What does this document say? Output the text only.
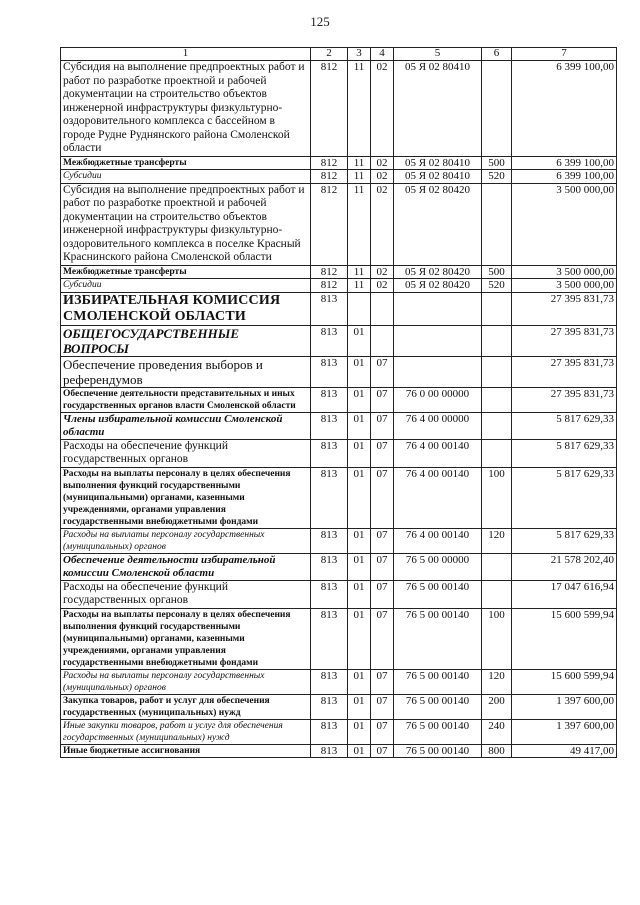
125
1	2	3	4	5	6	7
Субсидия на выполнение предпроектных работ и работ по разработке проектной и рабочей документации на строительство объектов инженерной инфраструктуры физкультурно-оздоровительного комплекса с бассейном в городе Рудне Руднянского района Смоленской области	812	11	02	05 Я 02 80410		6 399 100,00
Межбюджетные трансферты	812	11	02	05 Я 02 80410	500	6 399 100,00
Субсидии	812	11	02	05 Я 02 80410	520	6 399 100,00
Субсидия на выполнение предпроектных работ и работ по разработке проектной и рабочей документации на строительство объектов инженерной инфраструктуры физкультурно-оздоровительного комплекса в поселке Красный Краснинского района Смоленской области	812	11	02	05 Я 02 80420		3 500 000,00
Межбюджетные трансферты	812	11	02	05 Я 02 80420	500	3 500 000,00
Субсидии	812	11	02	05 Я 02 80420	520	3 500 000,00
ИЗБИРАТЕЛЬНАЯ КОМИССИЯ СМОЛЕНСКОЙ ОБЛАСТИ	813					27 395 831,73
ОБЩЕГОСУДАРСТВЕННЫЕ ВОПРОСЫ	813	01				27 395 831,73
Обеспечение проведения выборов и референдумов	813	01	07			27 395 831,73
Обеспечение деятельности представительных и иных государственных органов власти Смоленской области	813	01	07	76 0 00 00000		27 395 831,73
Члены избирательной комиссии Смоленской области	813	01	07	76 4 00 00000		5 817 629,33
Расходы на обеспечение функций государственных органов	813	01	07	76 4 00 00140		5 817 629,33
Расходы на выплаты персоналу в целях обеспечения выполнения функций государственными (муниципальными) органами, казенными учреждениями, органами управления государственными внебюджетными фондами	813	01	07	76 4 00 00140	100	5 817 629,33
Расходы на выплаты персоналу государственных (муниципальных) органов	813	01	07	76 4 00 00140	120	5 817 629,33
Обеспечение деятельности избирательной комиссии Смоленской области	813	01	07	76 5 00 00000		21 578 202,40
Расходы на обеспечение функций государственных органов	813	01	07	76 5 00 00140		17 047 616,94
Расходы на выплаты персоналу в целях обеспечения выполнения функций государственными (муниципальными) органами, казенными учреждениями, органами управления государственными внебюджетными фондами	813	01	07	76 5 00 00140	100	15 600 599,94
Расходы на выплаты персоналу государственных (муниципальных) органов	813	01	07	76 5 00 00140	120	15 600 599,94
Закупка товаров, работ и услуг для обеспечения государственных (муниципальных) нужд	813	01	07	76 5 00 00140	200	1 397 600,00
Иные закупки товаров, работ и услуг для обеспечения государственных (муниципальных) нужд	813	01	07	76 5 00 00140	240	1 397 600,00
Иные бюджетные ассигнования	813	01	07	76 5 00 00140	800	49 417,00
